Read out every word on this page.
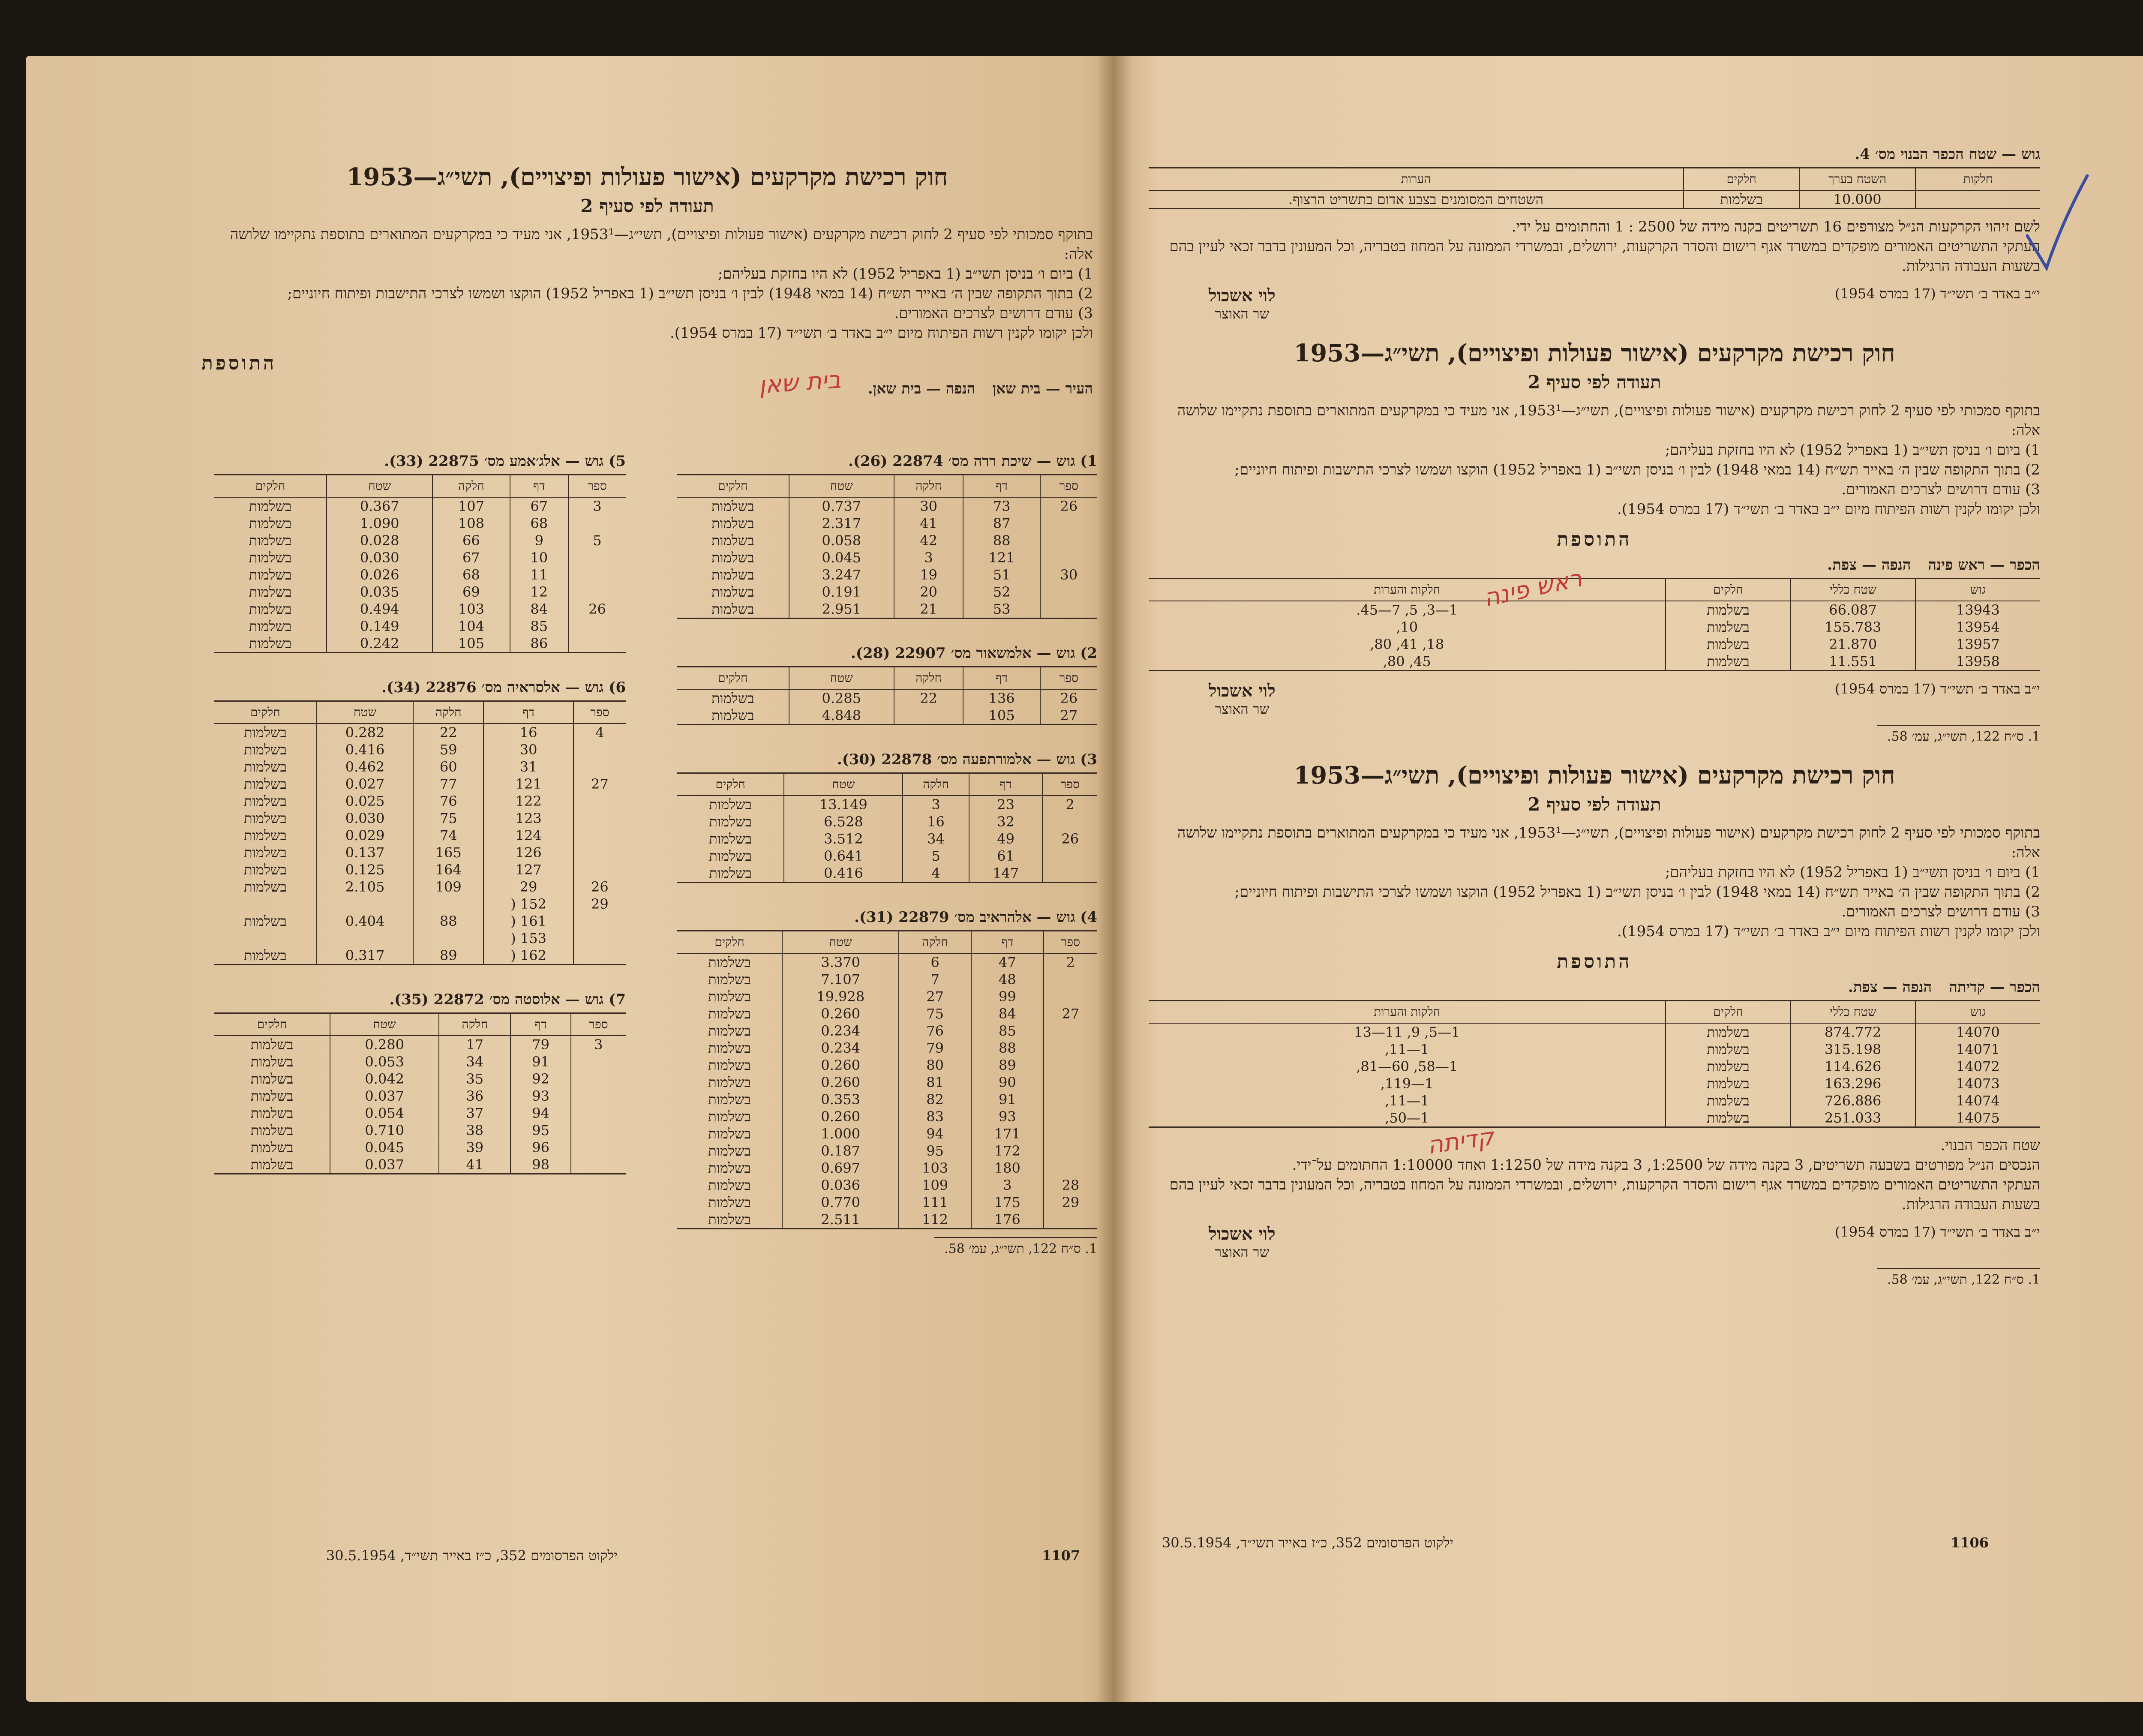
גוש — שטח הכפר הבנוי מס׳ 4.
חלקות	השטח בערך	חלקים	הערות
	10.000	בשלמות	השטחים המסומנים בצבע אדום בתשריט הרצוף.
לשם זיהוי הקרקעות הנ״ל מצורפים 16 תשריטים בקנה מידה של 2500 : 1 והחתומים על ידי.
העתקי התשריטים האמורים מופקדים במשרד אגף רישום והסדר הקרקעות, ירושלים, ובמשרדי הממונה על המחוז בטבריה, וכל המעונין בדבר זכאי לעיין בהם בשעות העבודה הרגילות.
י״ב באדר ב׳ תשי״ד (17 במרס 1954)
לוי אשכול
שר האוצר
חוק רכישת מקרקעים (אישור פעולות ופיצויים), תשי״ג—1953
תעודה לפי סעיף 2
בתוקף סמכותי לפי סעיף 2 לחוק רכישת מקרקעים (אישור פעולות ופיצויים), תשי״ג—1953¹, אני מעיד כי במקרקעים המתוארים בתוספת נתקיימו שלושה אלה:
1)
ביום ו׳ בניסן תשי״ב (1 באפריל 1952) לא היו בחזקת בעליהם;
2)
בתוך התקופה שבין ה׳ באייר תש״ח (14 במאי 1948) לבין ו׳ בניסן תשי״ב (1 באפריל 1952) הוקצו ושמשו לצרכי התישבות ופיתוח חיוניים;
3)
עודם דרושים לצרכים האמורים.
ולכן יקומו לקנין רשות הפיתוח מיום י״ב באדר ב׳ תשי״ד (17 במרס 1954).
התוספת
הכפר — ראש פינההנפה — צפת.
גוש	שטח כללי	חלקים	חלקות והערות
13943	66.087	בשלמות	1—3, 5, 7—45.
13954	155.783	בשלמות	10,
13957	21.870	בשלמות	18, 41, 80,
13958	11.551	בשלמות	45, 80,
י״ב באדר ב׳ תשי״ד (17 במרס 1954)
לוי אשכול
שר האוצר
1. ס״ח 122, תשי״ג, עמ׳ 58.
חוק רכישת מקרקעים (אישור פעולות ופיצויים), תשי״ג—1953
תעודה לפי סעיף 2
בתוקף סמכותי לפי סעיף 2 לחוק רכישת מקרקעים (אישור פעולות ופיצויים), תשי״ג—1953¹, אני מעיד כי במקרקעים המתוארים בתוספת נתקיימו שלושה אלה:
1)
ביום ו׳ בניסן תשי״ב (1 באפריל 1952) לא היו בחזקת בעליהם;
2)
בתוך התקופה שבין ה׳ באייר תש״ח (14 במאי 1948) לבין ו׳ בניסן תשי״ב (1 באפריל 1952) הוקצו ושמשו לצרכי התישבות ופיתוח חיוניים;
3)
עודם דרושים לצרכים האמורים.
ולכן יקומו לקנין רשות הפיתוח מיום י״ב באדר ב׳ תשי״ד (17 במרס 1954).
התוספת
הכפר — קדיתההנפה — צפת.
גוש	שטח כללי	חלקים	חלקות והערות
14070	874.772	בשלמות	1—5, 9, 11—13
14071	315.198	בשלמות	1—11,
14072	114.626	בשלמות	1—58, 60—81,
14073	163.296	בשלמות	1—119,
14074	726.886	בשלמות	1—11,
14075	251.033	בשלמות	1—50,
שטח הכפר הבנוי.
הנכסים הנ״ל מפורטים בשבעה תשריטים, 3 בקנה מידה של 1:2500, 3 בקנה מידה של 1:1250 ואחד 1:10000 החתומים על־ידי.
העתקי התשריטים האמורים מופקדים במשרד אגף רישום והסדר הקרקעות, ירושלים, ובמשרדי הממונה על המחוז בטבריה, וכל המעונין בדבר זכאי לעיין בהם בשעות העבודה הרגילות.
י״ב באדר ב׳ תשי״ד (17 במרס 1954)
לוי אשכול
שר האוצר
1. ס״ח 122, תשי״ג, עמ׳ 58.
1106 ילקוט הפרסומים 352, כ״ז באייר תשי״ד, 30.5.1954
ראש פינה
קדיתה
חוק רכישת מקרקעים (אישור פעולות ופיצויים), תשי״ג—1953
תעודה לפי סעיף 2
בתוקף סמכותי לפי סעיף 2 לחוק רכישת מקרקעים (אישור פעולות ופיצויים), תשי״ג—1953¹, אני מעיד כי במקרקעים המתוארים בתוספת נתקיימו שלושה אלה:
1)
ביום ו׳ בניסן תשי״ב (1 באפריל 1952) לא היו בחזקת בעליהם;
2)
בתוך התקופה שבין ה׳ באייר תש״ח (14 במאי 1948) לבין ו׳ בניסן תשי״ב (1 באפריל 1952) הוקצו ושמשו לצרכי התישבות ופיתוח חיוניים;
3)
עודם דרושים לצרכים האמורים.
ולכן יקומו לקנין רשות הפיתוח מיום י״ב באדר ב׳ תשי״ד (17 במרס 1954).
התוספת
העיר — בית שאןהנפה — בית שאן.
בית שאן
1) גוש — שיכת ררה מס׳ 22874 (26).
ספר	דף	חלקה	שטח	חלקים
26	73	30	0.737	בשלמות
	87	41	2.317	בשלמות
	88	42	0.058	בשלמות
	121	3	0.045	בשלמות
30	51	19	3.247	בשלמות
	52	20	0.191	בשלמות
	53	21	2.951	בשלמות
2) גוש — אלמשאור מס׳ 22907 (28).
ספר	דף	חלקה	שטח	חלקים
26	136	22	0.285	בשלמות
27	105		4.848	בשלמות
3) גוש — אלמורתפעה מס׳ 22878 (30).
ספר	דף	חלקה	שטח	חלקים
2	23	3	13.149	בשלמות
	32	16	6.528	בשלמות
26	49	34	3.512	בשלמות
	61	5	0.641	בשלמות
	147	4	0.416	בשלמות
4) גוש — אלהראיב מס׳ 22879 (31).
ספר	דף	חלקה	שטח	חלקים
2	47	6	3.370	בשלמות
	48	7	7.107	בשלמות
	99	27	19.928	בשלמות
27	84	75	0.260	בשלמות
	85	76	0.234	בשלמות
	88	79	0.234	בשלמות
	89	80	0.260	בשלמות
	90	81	0.260	בשלמות
	91	82	0.353	בשלמות
	93	83	0.260	בשלמות
	171	94	1.000	בשלמות
	172	95	0.187	בשלמות
	180	103	0.697	בשלמות
28	3	109	0.036	בשלמות
29	175	111	0.770	בשלמות
	176	112	2.511	בשלמות
1. ס״ח 122, תשי״ג, עמ׳ 58.
5) גוש — אלג׳אמע מס׳ 22875 (33).
ספר	דף	חלקה	שטח	חלקים
3	67	107	0.367	בשלמות
	68	108	1.090	בשלמות
5	9	66	0.028	בשלמות
	10	67	0.030	בשלמות
	11	68	0.026	בשלמות
	12	69	0.035	בשלמות
26	84	103	0.494	בשלמות
	85	104	0.149	בשלמות
	86	105	0.242	בשלמות
6) גוש — אלסראיה מס׳ 22876 (34).
ספר	דף	חלקה	שטח	חלקים
4	16	22	0.282	בשלמות
	30	59	0.416	בשלמות
	31	60	0.462	בשלמות
27	121	77	0.027	בשלמות
	122	76	0.025	בשלמות
	123	75	0.030	בשלמות
	124	74	0.029	בשלמות
	126	165	0.137	בשלמות
	127	164	0.125	בשלמות
26	29	109	2.105	בשלמות
29	152 (			
	161 (	88	0.404	בשלמות
	153 (			
	162 (	89	0.317	בשלמות
7) גוש — אלוסטה מס׳ 22872 (35).
ספר	דף	חלקה	שטח	חלקים
3	79	17	0.280	בשלמות
	91	34	0.053	בשלמות
	92	35	0.042	בשלמות
	93	36	0.037	בשלמות
	94	37	0.054	בשלמות
	95	38	0.710	בשלמות
	96	39	0.045	בשלמות
	98	41	0.037	בשלמות
1107 ילקוט הפרסומים 352, כ״ז באייר תשי״ד, 30.5.1954
